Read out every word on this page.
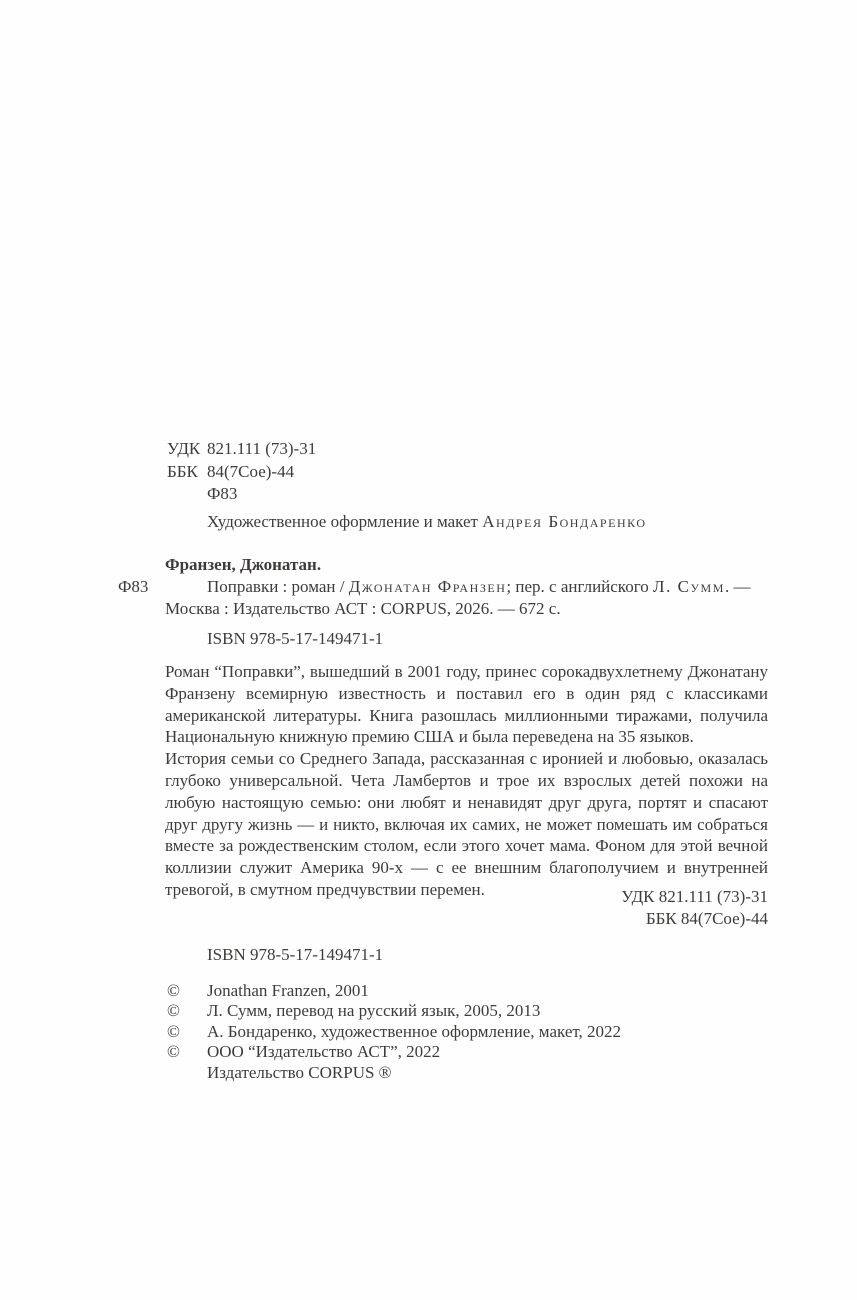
УДК 821.111 (73)-31
ББК 84(7Сое)-44
Ф83
Художественное оформление и макет Андрея Бондаренко
Франзен, Джонатан.
Ф83	Поправки : роман / Джонатан Франзен; пер. с английского Л. Сумм. — Москва : Издательство АСТ : CORPUS, 2026. — 672 с.
ISBN 978-5-17-149471-1

Роман “Поправки”, вышедший в 2001 году, принес сорокадвухлетнему Джонатану Франзену всемирную известность и поставил его в один ряд с классиками американской литературы. Книга разошлась миллионными тиражами, получила Национальную книжную премию США и была переведена на 35 языков.

История семьи со Среднего Запада, рассказанная с иронией и любовью, оказалась глубоко универсальной. Чета Ламбертов и трое их взрослых детей похожи на любую настоящую семью: они любят и ненавидят друг друга, портят и спасают друг другу жизнь — и никто, включая их самих, не может помешать им собраться вместе за рождественским столом, если этого хочет мама. Фоном для этой вечной коллизии служит Америка 90-х — с ее внешним благополучием и внутренней тревогой, в смутном предчувствии перемен.	УДК 821.111 (73)-31
ББК 84(7Сое)-44
ISBN 978-5-17-149471-1
©	Jonathan Franzen, 2001
©	Л. Сумм, перевод на русский язык, 2005, 2013
©	А. Бондаренко, художественное оформление, макет, 2022
©	ООО “Издательство АСТ”, 2022
Издательство CORPUS ®
